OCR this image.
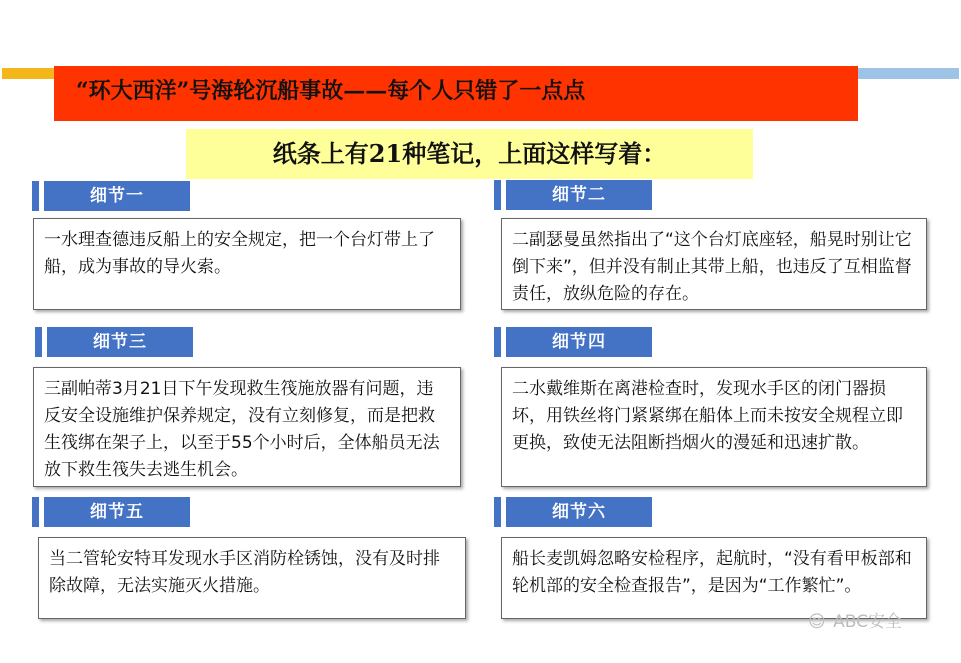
“环大西洋”号海轮沉船事故——每个人只错了一点点
纸条上有21种笔记，上面这样写着：
细节一
一水理查德违反船上的安全规定，把一个台灯带上了船，成为事故的导火索。
细节二
二副瑟曼虽然指出了“这个台灯底座轻，船晃时别让它倒下来”，但并没有制止其带上船，也违反了互相监督责任，放纵危险的存在。
细节三
三副帕蒂3月21日下午发现救生筏施放器有问题，违反安全设施维护保养规定，没有立刻修复，而是把救生筏绑在架子上，以至于55个小时后，全体船员无法放下救生筏失去逃生机会。
细节四
二水戴维斯在离港检查时，发现水手区的闭门器损坏，用铁丝将门紧紧绑在船体上而未按安全规程立即更换，致使无法阻断挡烟火的漫延和迅速扩散。
细节五
当二管轮安特耳发现水手区消防栓锈蚀，没有及时排除故障，无法实施灭火措施。
细节六
船长麦凯姆忽略安检程序，起航时，“没有看甲板部和轮机部的安全检查报告”，是因为“工作繁忙”。
☺ ABC安全
